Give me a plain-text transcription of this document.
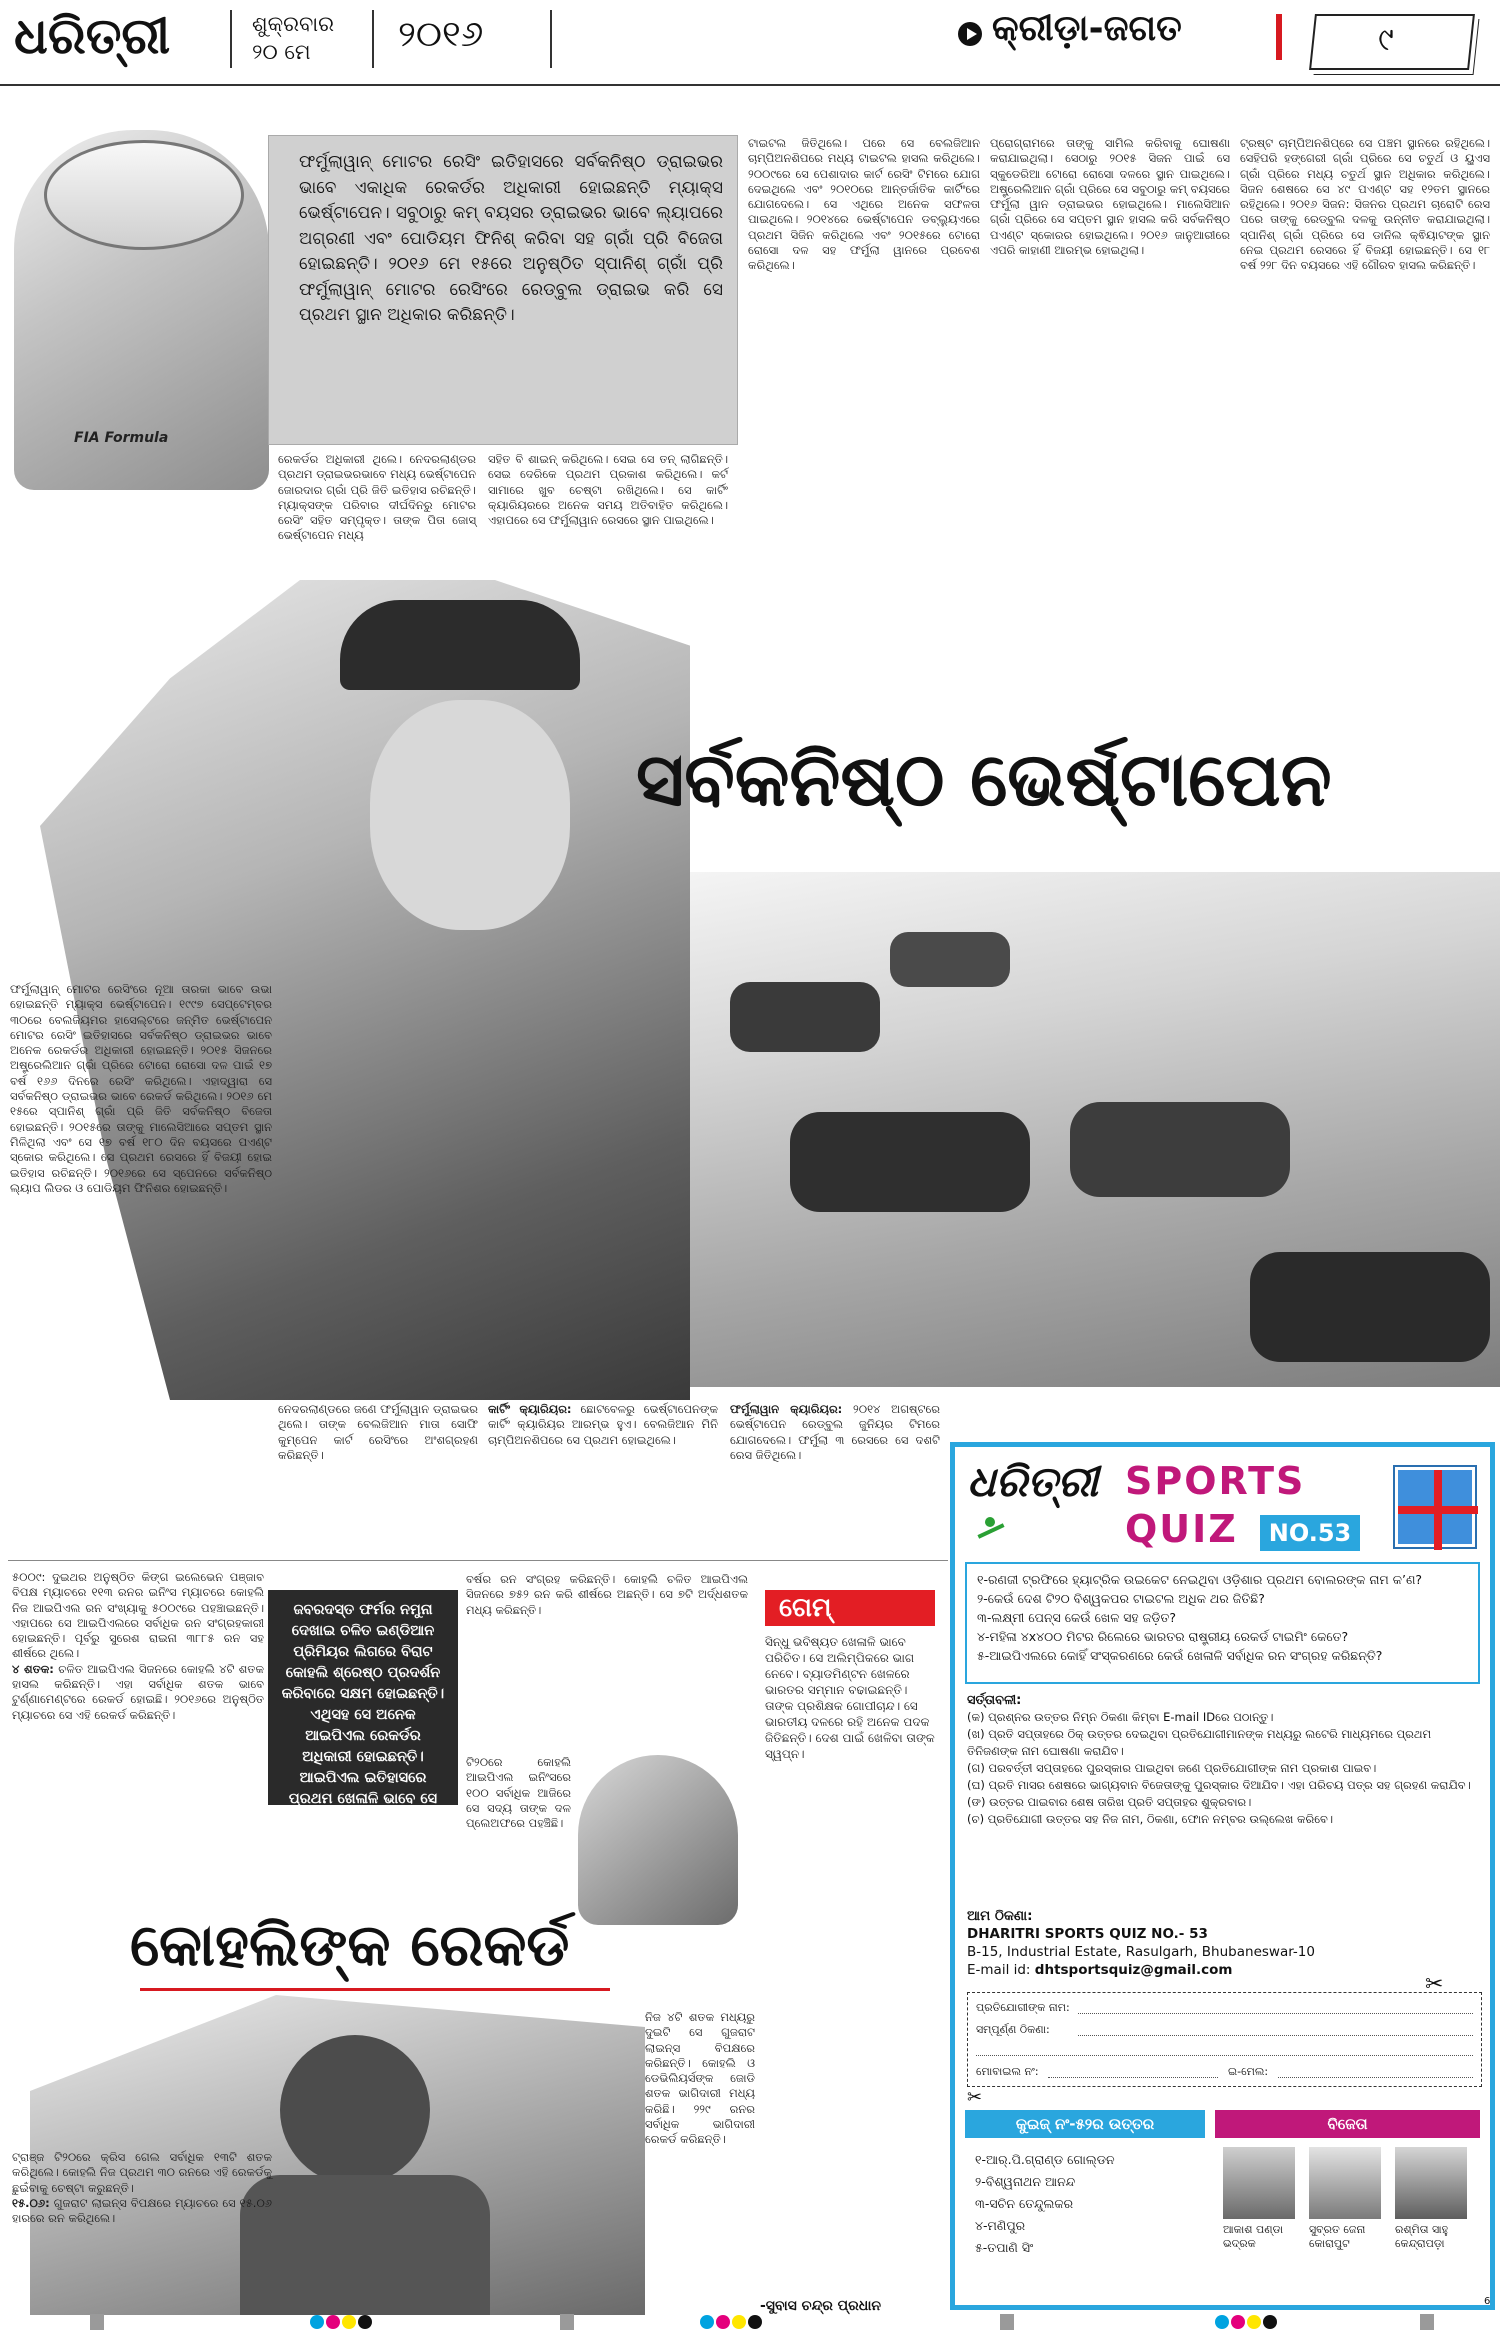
ଧରିତ୍ରୀ	ଶୁକ୍ରବାର
୨୦ ମେ ୨୦୧୬	କ୍ରୀଡ଼ା-ଜଗତ	୯
FIA Formula
ଫର୍ମୁଲାୱାନ୍ ମୋଟର ରେସିଂ ଇତିହାସରେ ସର୍ବକନିଷ୍ଠ ଡ୍ରାଇଭର ଭାବେ ଏକାଧିକ ରେକର୍ଡର ଅଧିକାରୀ ହୋଇଛନ୍ତି ମ୍ୟାକ୍ସ ଭେର୍ଷ୍ଟାପେନ। ସବୁଠାରୁ କମ୍ ବୟସର ଡ୍ରାଇଭର ଭାବେ ଲ୍ୟାପରେ ଅଗ୍ରଣୀ ଏବଂ ପୋଡିୟମ ଫିନିଶ୍ କରିବା ସହ ଗ୍ରାଁ ପ୍ରି ବିଜେତା ହୋଇଛନ୍ତି। ୨୦୧୬ ମେ ୧୫ରେ ଅନୁଷ୍ଠିତ ସ୍ପାନିଶ୍ ଗ୍ରାଁ ପ୍ରି ଫର୍ମୁଲାୱାନ୍ ମୋଟର ରେସିଂରେ ରେଡ୍‌ବୁଲ ଡ୍ରାଇଭ କରି ସେ ପ୍ରଥମ ସ୍ଥାନ ଅଧିକାର କରିଛନ୍ତି।
ରେକର୍ଡର ଅଧିକାରୀ ଥିଲେ। ନେଦରଲାଣ୍ଡର ପ୍ରଥମ ଡ୍ରାଇଭରଭାବେ ମଧ୍ୟ ଭେର୍ଷ୍ଟାପେନ ଜୋରଦାର ଗ୍ରାଁ ପ୍ରି ଜିତି ଇତିହାସ ରଚିଛନ୍ତି। ମ୍ୟାକ୍ସଙ୍କ ପରିବାର ଦୀର୍ଘଦିନରୁ ମୋଟର ରେସିଂ ସହିତ ସମ୍ପୃକ୍ତ। ତାଙ୍କ ପିତା ଜୋସ୍ ଭେର୍ଷ୍ଟାପେନ ମଧ୍ୟ
ସହିତ ବି ଶାଇନ୍ କରିଥିଲେ। ସେଇ ସେ ତନ୍ ଲାଗିଛନ୍ତି। ସେଇ ଦେରିକେ ପ୍ରଥମ ପ୍ରକାଶ କରିଥିଲେ। କର୍ଟ ସାମାରେ ଖୁବ ଚେଷ୍ଟା ରଖିଥିଲେ। ସେ କାର୍ଟିଂ କ୍ୟାରିୟରରେ ଅନେକ ସମୟ ଅତିବାହିତ କରିଥିଲେ। ଏହାପରେ ସେ ଫର୍ମୁଲାୱାନ ରେସରେ ସ୍ଥାନ ପାଇଥିଲେ।
ଟାଇଟଲ ଜିତିଥିଲେ। ପରେ ସେ ବେଲଜିଆନ ଚାମ୍ପିଅନଶିପରେ ମଧ୍ୟ ଟାଇଟଲ ହାସଲ କରିଥିଲେ। ୨୦୦୯ରେ ସେ ପେଶାଦାର କାର୍ଟ ରେସିଂ ଟିମରେ ଯୋଗ ଦେଇଥିଲେ ଏବଂ ୨୦୧୦ରେ ଆନ୍ତର୍ଜାତିକ କାର୍ଟିଂରେ ଯୋଗଦେଲେ। ସେ ଏଥିରେ ଅନେକ ସଫଳତା ପାଇଥିଲେ। ୨୦୧୪ରେ ଭେର୍ଷ୍ଟାପେନ ଡବ୍ଲ୍ୟୁଏରେ ପ୍ରଥମ ସିଜିନ କରିଥିଲେ ଏବଂ ୨୦୧୫ରେ ଟୋରୋ ରୋସୋ ଦଳ ସହ ଫର୍ମୁଲା ୱାନରେ ପ୍ରବେଶ କରିଥିଲେ।
ପ୍ରୋଗ୍ରାମରେ ତାଙ୍କୁ ସାମିଲ କରିବାକୁ ଘୋଷଣା କରାଯାଇଥିଲା। ସେଠାରୁ ୨୦୧୫ ସିଜନ ପାଇଁ ସେ ସ୍କୁଡେରିଆ ଟୋରୋ ରୋସୋ ଦଳରେ ସ୍ଥାନ ପାଇଥିଲେ। ଅଷ୍ଟ୍ରେଲିଆନ ଗ୍ରାଁ ପ୍ରିରେ ସେ ସବୁଠାରୁ କମ୍ ବୟସରେ ଫର୍ମୁଲା ୱାନ ଡ୍ରାଇଭର ହୋଇଥିଲେ। ମାଲେସିଆନ ଗ୍ରାଁ ପ୍ରିରେ ସେ ସପ୍ତମ ସ୍ଥାନ ହାସଲ କରି ସର୍ବକନିଷ୍ଠ ପଏଣ୍ଟ ସ୍କୋରର ହୋଇଥିଲେ। ୨୦୧୬ ଜାନୁଆରୀରେ ଏପରି କାହାଣୀ ଆରମ୍ଭ ହୋଇଥିଲା।
ଟ୍ରଷ୍ଟ ଚାମ୍ପିଅନଶିପ୍‌ରେ ସେ ପଞ୍ଚମ ସ୍ଥାନରେ ରହିଥିଲେ। ସେହିପରି ହଙ୍ଗେରୀ ଗ୍ରାଁ ପ୍ରିରେ ସେ ଚତୁର୍ଥ ଓ ୟୁଏସ ଗ୍ରାଁ ପ୍ରିରେ ମଧ୍ୟ ଚତୁର୍ଥ ସ୍ଥାନ ଅଧିକାର କରିଥିଲେ। ସିଜନ ଶେଷରେ ସେ ୪୯ ପଏଣ୍ଟ ସହ ୧୨ତମ ସ୍ଥାନରେ ରହିଥିଲେ। ୨୦୧୬ ସିଜନ: ସିଜନର ପ୍ରଥମ ଚାରୋଟି ରେସ ପରେ ତାଙ୍କୁ ରେଡ୍‌ବୁଲ ଦଳକୁ ଉନ୍ନୀତ କରାଯାଇଥିଲା। ସ୍ପାନିଶ୍ ଗ୍ରାଁ ପ୍ରିରେ ସେ ଡାନିଲ କ୍ଵିୟାଟଙ୍କ ସ୍ଥାନ ନେଇ ପ୍ରଥମ ରେସରେ ହିଁ ବିଜୟୀ ହୋଇଛନ୍ତି। ସେ ୧୮ ବର୍ଷ ୨୨୮ ଦିନ ବୟସରେ ଏହି ଗୌରବ ହାସଲ କରିଛନ୍ତି।
ସର୍ବକନିଷ୍ଠ ଭେର୍ଷ୍ଟାପେନ
ଫର୍ମୁଲାୱାନ୍ ମୋଟର ରେସିଂରେ ନୂଆ ତାରକା ଭାବେ ଉଭା ହୋଇଛନ୍ତି ମ୍ୟାକ୍ସ ଭେର୍ଷ୍ଟାପେନ। ୧୯୯୭ ସେପ୍ଟେମ୍ବର ୩୦ରେ ବେଲଜିୟମର ହାସେଲ୍ଟରେ ଜନ୍ମିତ ଭେର୍ଷ୍ଟାପେନ ମୋଟର ରେସିଂ ଇତିହାସରେ ସର୍ବକନିଷ୍ଠ ଡ୍ରାଇଭର ଭାବେ ଅନେକ ରେକର୍ଡର ଅଧିକାରୀ ହୋଇଛନ୍ତି। ୨୦୧୫ ସିଜନରେ ଅଷ୍ଟ୍ରେଲିଆନ ଗ୍ରାଁ ପ୍ରିରେ ଟୋରୋ ରୋସୋ ଦଳ ପାଇଁ ୧୭ ବର୍ଷ ୧୬୬ ଦିନରେ ରେସିଂ କରିଥିଲେ। ଏହାଦ୍ୱାରା ସେ ସର୍ବକନିଷ୍ଠ ଡ୍ରାଇଭର ଭାବେ ରେକର୍ଡ କରିଥିଲେ। ୨୦୧୬ ମେ ୧୫ରେ ସ୍ପାନିଶ୍ ଗ୍ରାଁ ପ୍ରି ଜିତି ସର୍ବକନିଷ୍ଠ ବିଜେତା ହୋଇଛନ୍ତି। ୨୦୧୫ରେ ତାଙ୍କୁ ମାଲେସିଆରେ ସପ୍ତମ ସ୍ଥାନ ମିଳିଥିଲା ଏବଂ ସେ ୧୭ ବର୍ଷ ୧୮୦ ଦିନ ବୟସରେ ପଏଣ୍ଟ ସ୍କୋର କରିଥିଲେ। ସେ ପ୍ରଥମ ରେସରେ ହିଁ ବିଜୟୀ ହୋଇ ଇତିହାସ ରଚିଛନ୍ତି। ୨୦୧୬ରେ ସେ ସ୍ପେନରେ ସର୍ବକନିଷ୍ଠ ଲ୍ୟାପ ଲିଡର ଓ ପୋଡିୟମ ଫିନିଶର ହୋଇଛନ୍ତି।
ନେଦରଲାଣ୍ଡରେ ଜଣେ ଫର୍ମୁଲାୱାନ ଡ୍ରାଇଭର ଥିଲେ। ତାଙ୍କ ବେଲଜିଆନ ମାତା ସୋଫି କୁମ୍ପେନ କାର୍ଟ ରେସିଂରେ ଅଂଶଗ୍ରହଣ କରିଛନ୍ତି।
କାର୍ଟିଂ କ୍ୟାରିୟର: ଛୋଟବେଳରୁ ଭେର୍ଷ୍ଟାପେନଙ୍କ କାର୍ଟିଂ କ୍ୟାରିୟର ଆରମ୍ଭ ହୁଏ। ବେଲଜିଆନ ମିନି ଚାମ୍ପିଅନଶିପରେ ସେ ପ୍ରଥମ ହୋଇଥିଲେ।
ଫର୍ମୁଲାୱାନ କ୍ୟାରିୟର: ୨୦୧୪ ଅଗଷ୍ଟରେ ଭେର୍ଷ୍ଟାପେନ ରେଡ୍‌ବୁଲ ଜୁନିୟର ଟିମରେ ଯୋଗଦେଲେ। ଫର୍ମୁଲା ୩ ରେସରେ ସେ ଦଶଟି ରେସ ଜିତିଥିଲେ।
୫୦୦୯: ଦୁଇଥର ଅନୁଷ୍ଠିତ କିଙ୍ଗ ଇଲେଭେନ ପଞ୍ଜାବ ବିପକ୍ଷ ମ୍ୟାଚରେ ୧୧୩ ରନର ଇନିଂସ ମ୍ୟାଚରେ କୋହଲି ନିଜ ଆଇପିଏଲ ରନ ସଂଖ୍ୟାକୁ ୫୦୦୯ରେ ପହଞ୍ଚାଇଛନ୍ତି। ଏହାପରେ ସେ ଆଇପିଏଲରେ ସର୍ବାଧିକ ରନ ସଂଗ୍ରହକାରୀ ହୋଇଛନ୍ତି। ପୂର୍ବରୁ ସୁରେଶ ରାଇନା ୩୮୮୫ ରନ ସହ ଶୀର୍ଷରେ ଥିଲେ।
୪ ଶତକ: ଚଳିତ ଆଇପିଏଲ ସିଜନରେ କୋହଲି ୪ଟି ଶତକ ହାସଲ କରିଛନ୍ତି। ଏହା ସର୍ବାଧିକ ଶତକ ଭାବେ ଟୁର୍ଣ୍ଣାମେଣ୍ଟରେ ରେକର୍ଡ ହୋଇଛି। ୨୦୧୬ରେ ଅନୁଷ୍ଠିତ ମ୍ୟାଚରେ ସେ ଏହି ରେକର୍ଡ କରିଛନ୍ତି।
ଜବରଦସ୍ତ ଫର୍ମର ନମୁନା ଦେଖାଇ ଚଳିତ ଇଣ୍ଡିଆନ ପ୍ରିମିୟର ଲିଗରେ ବିରାଟ କୋହଲି ଶ୍ରେଷ୍ଠ ପ୍ରଦର୍ଶନ କରିବାରେ ସକ୍ଷମ ହୋଇଛନ୍ତି। ଏଥିସହ ସେ ଅନେକ ଆଇପିଏଲ ରେକର୍ଡର ଅଧିକାରୀ ହୋଇଛନ୍ତି। ଆଇପିଏଲ ଇତିହାସରେ ପ୍ରଥମ ଖେଳାଳି ଭାବେ ସେ ୪୦୦୦ ରନ ଟପିଛନ୍ତି।
ବର୍ଷର ରନ ସଂଗ୍ରହ କରିଛନ୍ତି। କୋହଲି ଚଳିତ ଆଇପିଏଲ ସିଜନରେ ୭୫୨ ରନ କରି ଶୀର୍ଷରେ ଅଛନ୍ତି। ସେ ୭ଟି ଅର୍ଦ୍ଧଶତକ ମଧ୍ୟ କରିଛନ୍ତି।
ଟି୨୦ରେ କୋହଲି ଆଇପିଏଲ ଇନିଂସରେ ୧୦୦ ସର୍ବାଧିକ ଆଜିରେ ସେ ସଦ୍ୟ ତାଙ୍କ ଦଳ ପ୍ଲେଅଫରେ ପହଞ୍ଚିଛି।
କୋହଲିଙ୍କ ରେକର୍ଡ
ଟ୍ରାଞ୍ଜ ଟି୨୦ରେ କ୍ରିସ ଗେଲ ସର୍ବାଧିକ ୧୩ଟି ଶତକ କରିଥିଲେ। କୋହଲି ନିଜ ପ୍ରଥମ ୩୦ ରନରେ ଏହି ରେକର୍ଡକୁ ଛୁଇଁବାକୁ ଚେଷ୍ଟା କରୁଛନ୍ତି।
୧୫.୦୬: ଗୁଜରାଟ ଲାଇନ୍ସ ବିପକ୍ଷରେ ମ୍ୟାଚରେ ସେ ୧୫.୦୬ ହାରରେ ରନ କରିଥିଲେ।
ନିଜ ୪ଟି ଶତକ ମଧ୍ୟରୁ ଦୁଇଟି ସେ ଗୁଜରାଟ ଲାଇନ୍ସ ବିପକ୍ଷରେ କରିଛନ୍ତି। କୋହଲି ଓ ଡେଭିଲିୟର୍ସଙ୍କ ଜୋଡି ଶତକ ଭାଗିଦାରୀ ମଧ୍ୟ କରିଛି। ୨୨୯ ରନର ସର୍ବାଧିକ ଭାଗିଦାରୀ ରେକର୍ଡ କରିଛନ୍ତି।
-ସୁବାସ ଚନ୍ଦ୍ର ପ୍ରଧାନ
ଗେମ୍
ସିନ୍ଧୁ ଭବିଷ୍ୟତ ଖେଳାଳି ଭାବେ ପରିଚିତ। ସେ ଅଲିମ୍ପିକରେ ଭାଗ ନେବେ। ବ୍ୟାଡମିଣ୍ଟନ ଖେଳରେ ଭାରତର ସମ୍ମାନ ବଢାଇଛନ୍ତି। ତାଙ୍କ ପ୍ରଶିକ୍ଷକ ଗୋପୀଚାନ୍ଦ। ସେ ଭାରତୀୟ ଦଳରେ ରହି ଅନେକ ପଦକ ଜିତିଛନ୍ତି। ଦେଶ ପାଇଁ ଖେଳିବା ତାଙ୍କ ସ୍ୱପ୍ନ।
ଧରିତ୍ରୀ SPORTS
QUIZ	NO.53
୧-ରଣଜୀ ଟ୍ରଫିରେ ହ୍ୟାଟ୍ରିକ ଉଇକେଟ ନେଇଥିବା ଓଡ଼ିଶାର ପ୍ରଥମ ବୋଲରଙ୍କ ନାମ କ’ଣ?
୨-କେଉଁ ଦେଶ ଟି୨୦ ବିଶ୍ୱକପର ଟାଇଟଲ ଅଧିକ ଥର ଜିତିଛି?
୩-ଲକ୍ଷ୍ମୀ ପେନ୍ସ କେଉଁ ଖେଳ ସହ ଜଡ଼ିତ?
୪-ମହିଳା ୪x୪୦୦ ମିଟର ରିଲେରେ ଭାରତର ରାଷ୍ଟ୍ରୀୟ ରେକର୍ଡ ଟାଇମିଂ କେତେ?
୫-ଆଇପିଏଲରେ କୋହିଁ ସଂସ୍କରଣରେ କେଉଁ ଖେଳାଳି ସର୍ବାଧିକ ରନ ସଂଗ୍ରହ କରିଛନ୍ତି?
ସର୍ତ୍ତାବଳୀ:
(କ) ପ୍ରଶ୍ନର ଉତ୍ତର ନିମ୍ନ ଠିକଣା କିମ୍ବା E-mail IDରେ ପଠାନ୍ତୁ।
(ଖ) ପ୍ରତି ସପ୍ତାହରେ ଠିକ୍ ଉତ୍ତର ଦେଇଥିବା ପ୍ରତିଯୋଗୀମାନଙ୍କ ମଧ୍ୟରୁ ଲଟେରି ମାଧ୍ୟମରେ ପ୍ରଥମ ତିନିଜଣଙ୍କ ନାମ ଘୋଷଣା କରାଯିବ।
(ଗ) ପରବର୍ତ୍ତୀ ସପ୍ତାହରେ ପୁରସ୍କାର ପାଇଥିବା ଜଣେ ପ୍ରତିଯୋଗୀଙ୍କ ନାମ ପ୍ରକାଶ ପାଇବ।
(ଘ) ପ୍ରତି ମାସର ଶେଷରେ ଭାଗ୍ୟବାନ ବିଜେତାଙ୍କୁ ପୁରସ୍କାର ଦିଆଯିବ। ଏହା ପରିଚୟ ପତ୍ର ସହ ଗ୍ରହଣ କରାଯିବ।
(ଙ) ଉତ୍ତର ପାଇବାର ଶେଷ ତାରିଖ ପ୍ରତି ସପ୍ତାହର ଶୁକ୍ରବାର।
(ଚ) ପ୍ରତିଯୋଗୀ ଉତ୍ତର ସହ ନିଜ ନାମ, ଠିକଣା, ଫୋନ ନମ୍ବର ଉଲ୍ଲେଖ କରିବେ।
ଆମ ଠିକଣା:
DHARITRI SPORTS QUIZ NO.- 53
B-15, Industrial Estate, Rasulgarh, Bhubaneswar-10
E-mail id: dhtsportsquiz@gmail.com
✂
ପ୍ରତିଯୋଗୀଙ୍କ ନାମ:
ସମ୍ପୂର୍ଣ୍ଣ ଠିକଣା:
ମୋବାଇଲ ନଂ:	ଇ-ମେଲ:
✂
କୁଇଜ୍ ନଂ-୫୨ର ଉତ୍ତର
୧-ଆର୍.ପି.ଗ୍ରାଣ୍ଡ ଗୋଲ୍ଡନ
୨-ବିଶ୍ୱନାଥନ ଆନନ୍ଦ
୩-ସଚିନ ତେନ୍ଦୁଲକର
୪-ମଣିପୁର
୫-ତପାଣି ସିଂ
ବିଜେତା
ଆକାଶ ପଣ୍ଡା
ଭଦ୍ରକ
ସୁବ୍ରତ ଜେନା
କୋରାପୁଟ
ରଶ୍ମିତା ସାହୁ
କେନ୍ଦ୍ରାପଡ଼ା
6
